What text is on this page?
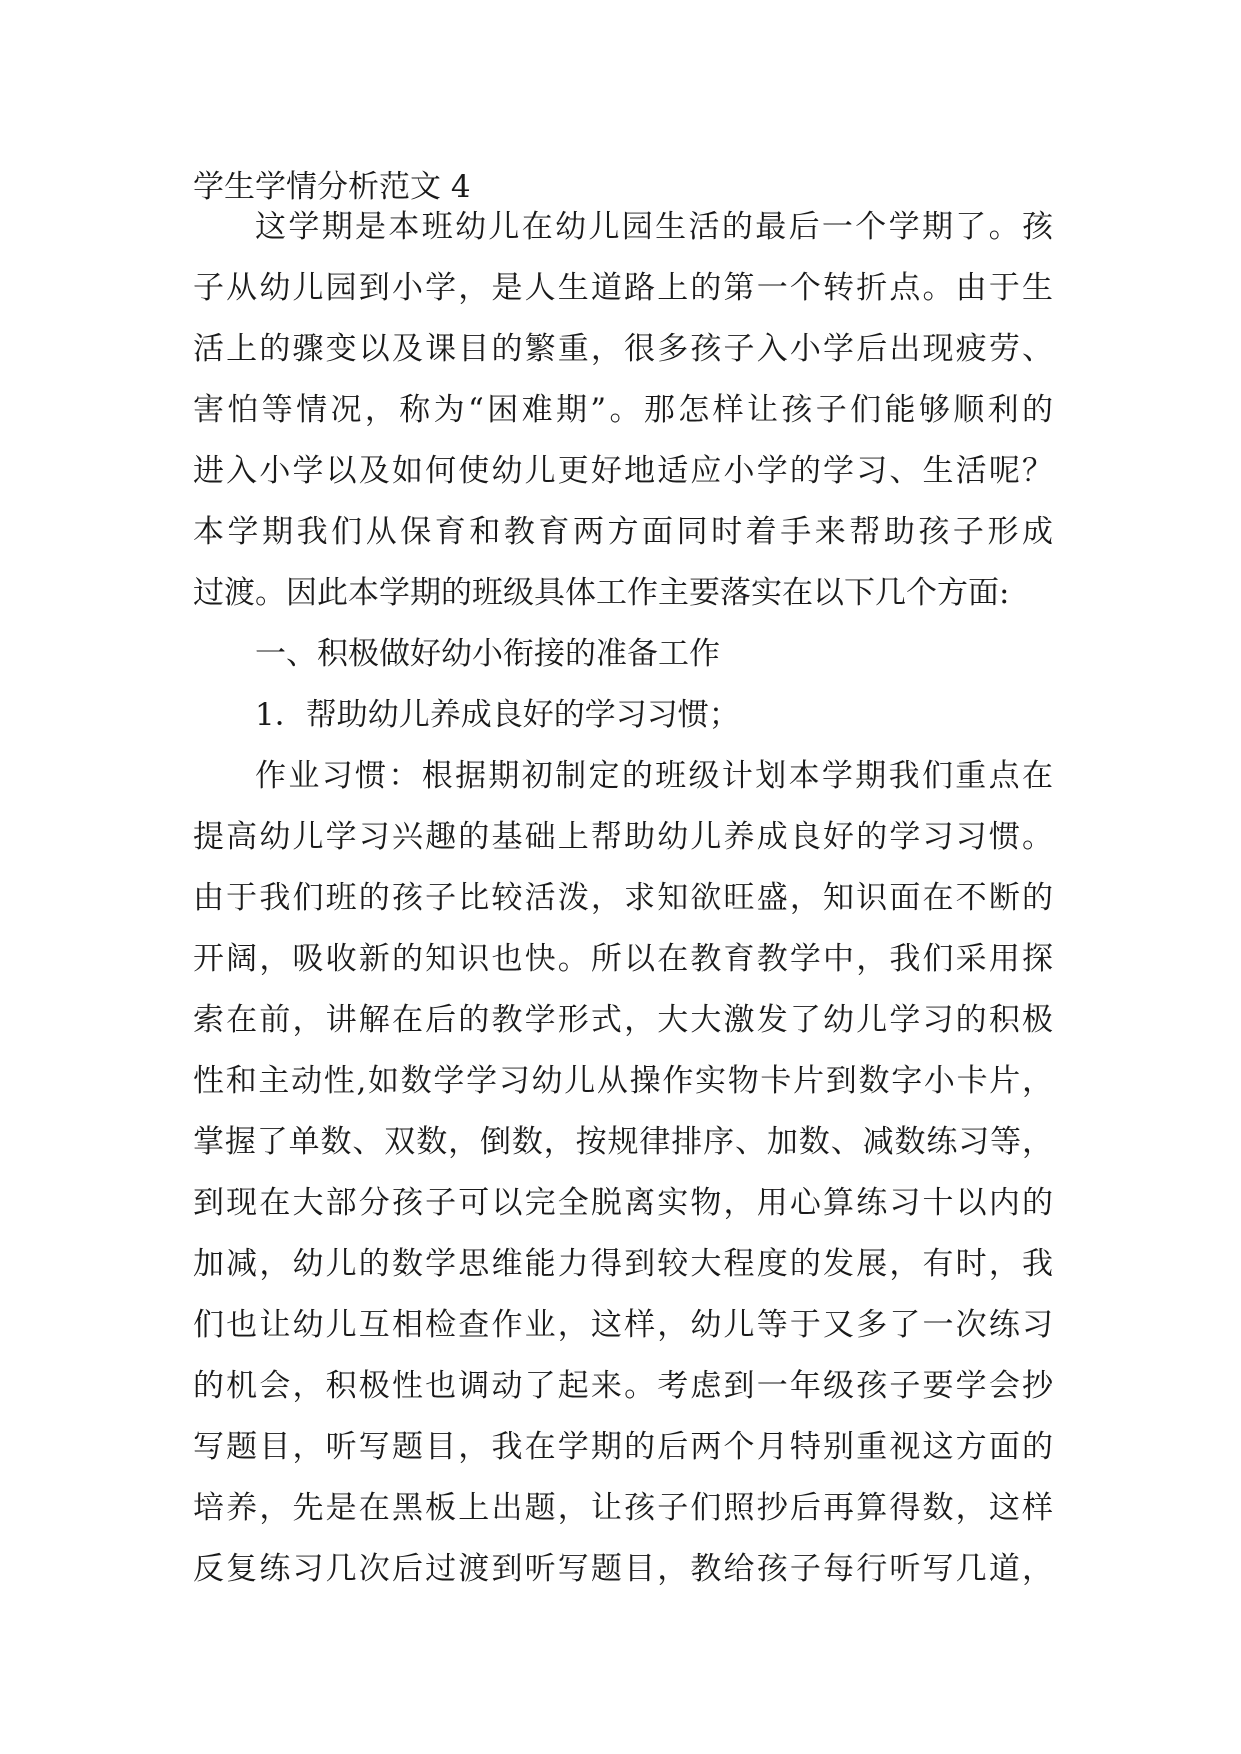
学生学情分析范文 4
这学期是本班幼儿在幼儿园生活的最后一个学期了。孩
子从幼儿园到小学，是人生道路上的第一个转折点。由于生
活上的骤变以及课目的繁重，很多孩子入小学后出现疲劳、
害怕等情况，称为“困难期”。那怎样让孩子们能够顺利的
进入小学以及如何使幼儿更好地适应小学的学习、生活呢？
本学期我们从保育和教育两方面同时着手来帮助孩子形成
过渡。因此本学期的班级具体工作主要落实在以下几个方面:
一、积极做好幼小衔接的准备工作
1．帮助幼儿养成良好的学习习惯；
作业习惯：根据期初制定的班级计划本学期我们重点在
提高幼儿学习兴趣的基础上帮助幼儿养成良好的学习习惯。
由于我们班的孩子比较活泼，求知欲旺盛，知识面在不断的
开阔，吸收新的知识也快。所以在教育教学中，我们采用探
索在前，讲解在后的教学形式，大大激发了幼儿学习的积极
性和主动性,如数学学习幼儿从操作实物卡片到数字小卡片，
掌握了单数、双数，倒数，按规律排序、加数、减数练习等，
到现在大部分孩子可以完全脱离实物，用心算练习十以内的
加减，幼儿的数学思维能力得到较大程度的发展，有时，我
们也让幼儿互相检查作业，这样，幼儿等于又多了一次练习
的机会，积极性也调动了起来。考虑到一年级孩子要学会抄
写题目，听写题目，我在学期的后两个月特别重视这方面的
培养，先是在黑板上出题，让孩子们照抄后再算得数，这样
反复练习几次后过渡到听写题目，教给孩子每行听写几道，
